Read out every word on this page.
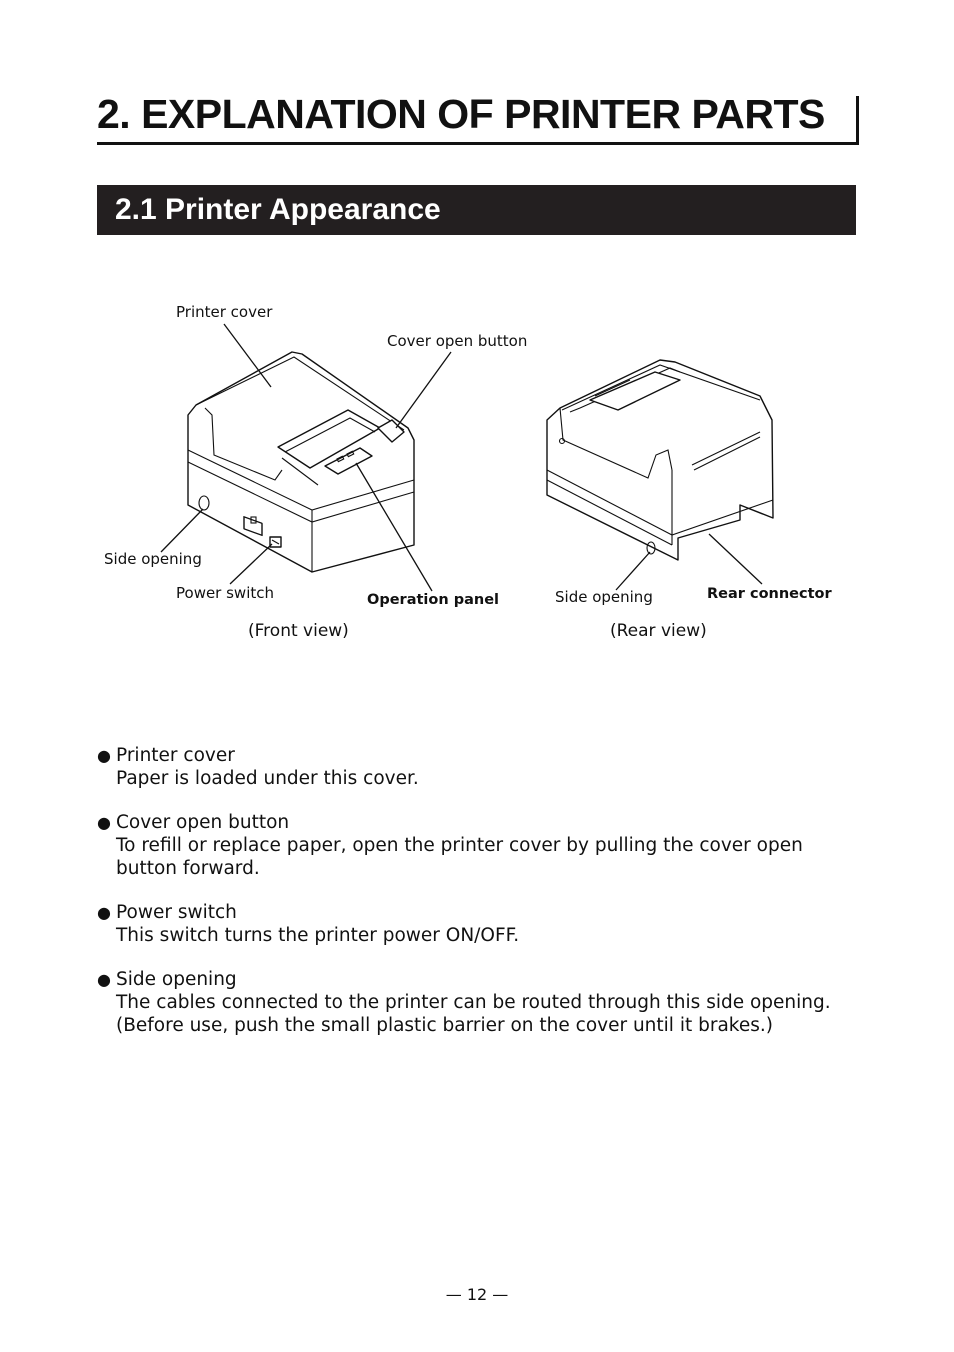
2. EXPLANATION OF PRINTER PARTS
2.1 Printer Appearance
Printer cover
Cover open button
Side opening
Power switch	Operation panel	Side opening	Rear connector
(Front view)	(Rear view)
● Printer cover
Paper is loaded under this cover.
● Cover open button
To refill or replace paper, open the printer cover by pulling the cover open
button forward.
● Power switch
This switch turns the printer power ON/OFF.
● Side opening
The cables connected to the printer can be routed through this side opening.
(Before use, push the small plastic barrier on the cover until it brakes.)
— 12 —
